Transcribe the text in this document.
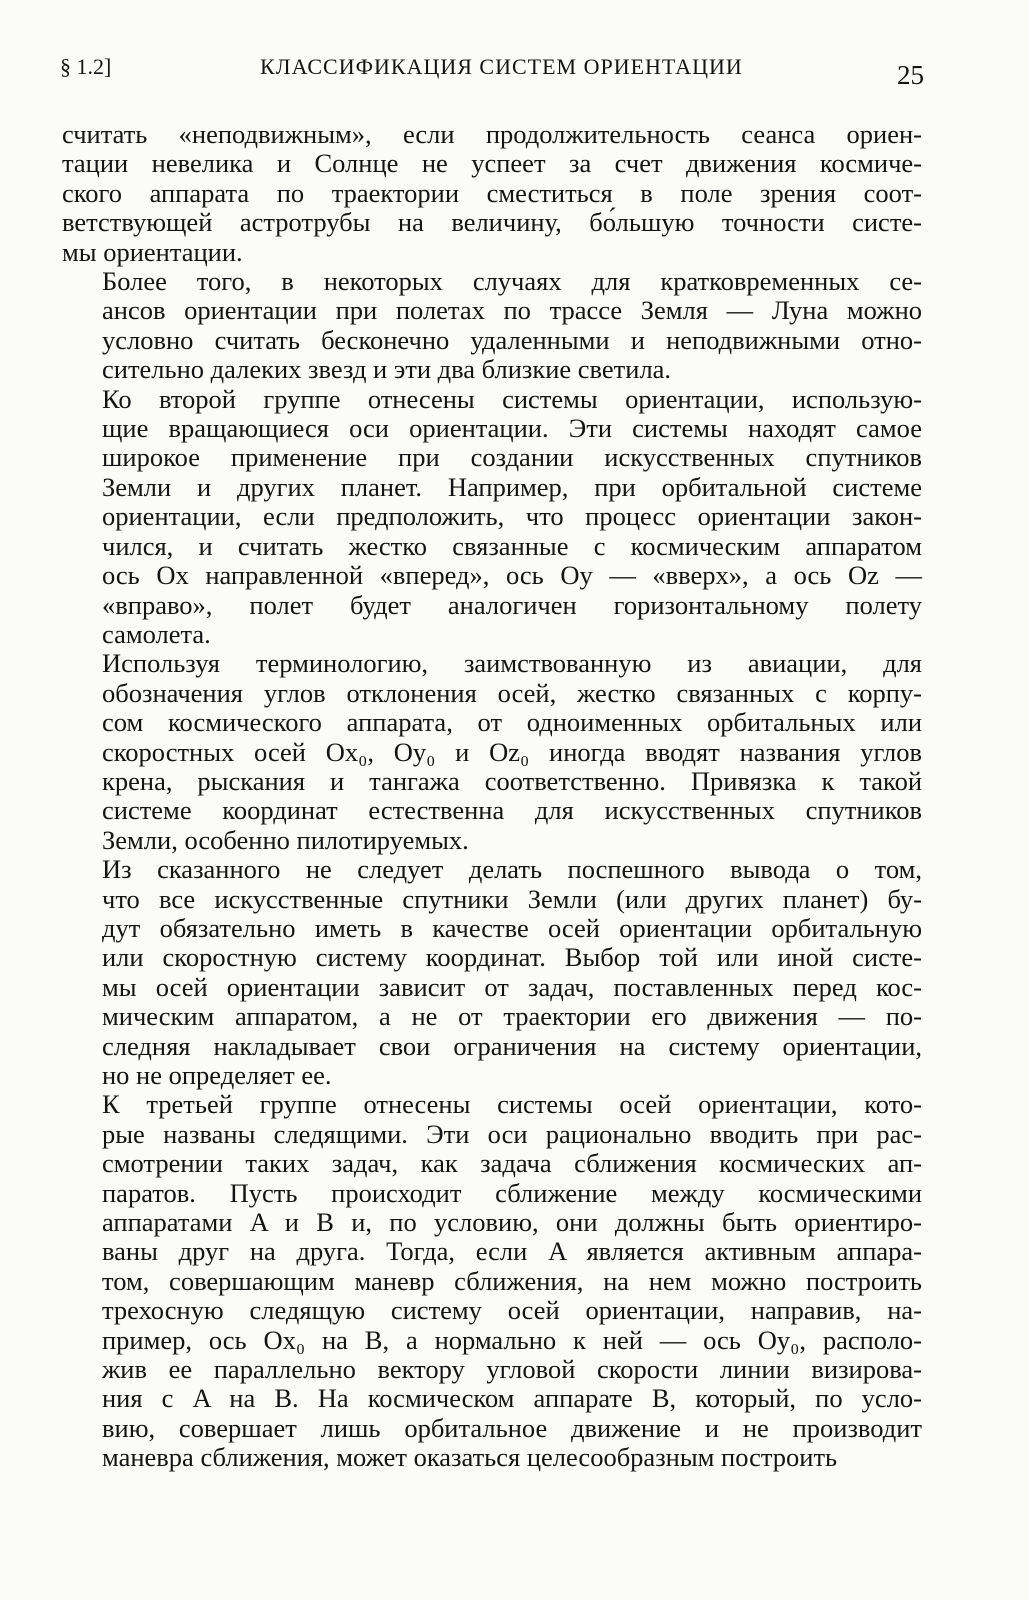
§ 1.2]	КЛАССИФИКАЦИЯ СИСТЕМ ОРИЕНТАЦИИ	25
считать «неподвижным», если продолжительность сеанса ориен-
тации невелика и Солнце не успеет за счет движения космиче-
ского аппарата по траектории сместиться в поле зрения соот-
ветствующей астротрубы на величину, бо́льшую точности систе-
мы ориентации.
Более того, в некоторых случаях для кратковременных се-
ансов ориентации при полетах по трассе Земля — Луна можно
условно считать бесконечно удаленными и неподвижными отно-
сительно далеких звезд и эти два близкие светила.
Ко второй группе отнесены системы ориентации, использую-
щие вращающиеся оси ориентации. Эти системы находят самое
широкое применение при создании искусственных спутников
Земли и других планет. Например, при орбитальной системе
ориентации, если предположить, что процесс ориентации закон-
чился, и считать жестко связанные с космическим аппаратом
ось Ox направленной «вперед», ось Oy — «вверх», а ось Oz —
«вправо», полет будет аналогичен горизонтальному полету
самолета.
Используя терминологию, заимствованную из авиации, для
обозначения углов отклонения осей, жестко связанных с корпу-
сом космического аппарата, от одноименных орбитальных или
скоростных осей Ox₀, Oy₀ и Oz₀ иногда вводят названия углов
крена, рыскания и тангажа соответственно. Привязка к такой
системе координат естественна для искусственных спутников
Земли, особенно пилотируемых.
Из сказанного не следует делать поспешного вывода о том,
что все искусственные спутники Земли (или других планет) бу-
дут обязательно иметь в качестве осей ориентации орбитальную
или скоростную систему координат. Выбор той или иной систе-
мы осей ориентации зависит от задач, поставленных перед кос-
мическим аппаратом, а не от траектории его движения — по-
следняя накладывает свои ограничения на систему ориентации,
но не определяет ее.
К третьей группе отнесены системы осей ориентации, кото-
рые названы следящими. Эти оси рационально вводить при рас-
смотрении таких задач, как задача сближения космических ап-
паратов. Пусть происходит сближение между космическими
аппаратами A и B и, по условию, они должны быть ориентиро-
ваны друг на друга. Тогда, если A является активным аппара-
том, совершающим маневр сближения, на нем можно построить
трехосную следящую систему осей ориентации, направив, на-
пример, ось Ox₀ на B, а нормально к ней — ось Oy₀, располо-
жив ее параллельно вектору угловой скорости линии визирова-
ния с A на B. На космическом аппарате B, который, по усло-
вию, совершает лишь орбитальное движение и не производит
маневра сближения, может оказаться целесообразным построить
